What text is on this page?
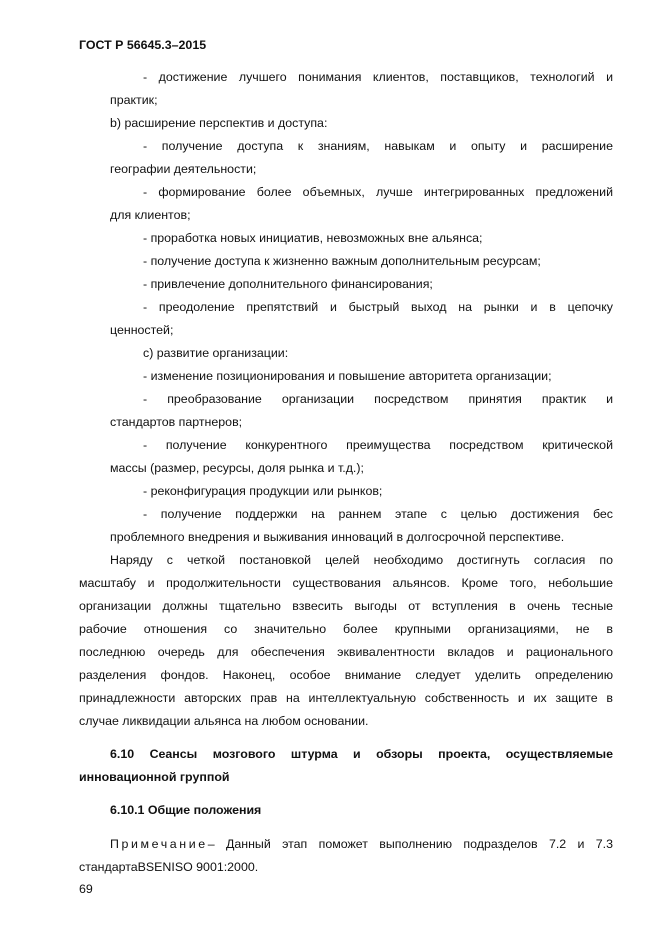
ГОСТ Р 56645.3–2015
- достижение лучшего понимания клиентов, поставщиков, технологий и
практик;
b) расширение перспектив и доступа:
- получение доступа к знаниям, навыкам и опыту и расширение
географии деятельности;
- формирование более объемных, лучше интегрированных предложений
для клиентов;
- проработка новых инициатив, невозможных вне альянса;
- получение доступа к жизненно важным дополнительным ресурсам;
- привлечение дополнительного финансирования;
- преодоление препятствий и быстрый выход на рынки и в цепочку
ценностей;
с) развитие организации:
- изменение позиционирования и повышение авторитета организации;
- преобразование организации посредством принятия практик и
стандартов партнеров;
- получение конкурентного преимущества посредством критической
массы (размер, ресурсы, доля рынка и т.д.);
- реконфигурация продукции или рынков;
- получение поддержки на раннем этапе с целью достижения бес
проблемного внедрения и выживания инноваций в долгосрочной перспективе.
Наряду с четкой постановкой целей необходимо достигнуть согласия по
масштабу и продолжительности существования альянсов. Кроме того, небольшие
организации должны тщательно взвесить выгоды от вступления в очень тесные
рабочие отношения со значительно более крупными организациями, не в
последнюю очередь для обеспечения эквивалентности вкладов и рационального
разделения фондов. Наконец, особое внимание следует уделить определению
принадлежности авторских прав на интеллектуальную собственность и их защите в
случае ликвидации альянса на любом основании.
6.10 Сеансы мозгового штурма и обзоры проекта, осуществляемые
инновационной группой
6.10.1 Общие положения
Примечание – Данный этап поможет выполнению подразделов 7.2 и 7.3
стандартаBSENISO 9001:2000.
69
